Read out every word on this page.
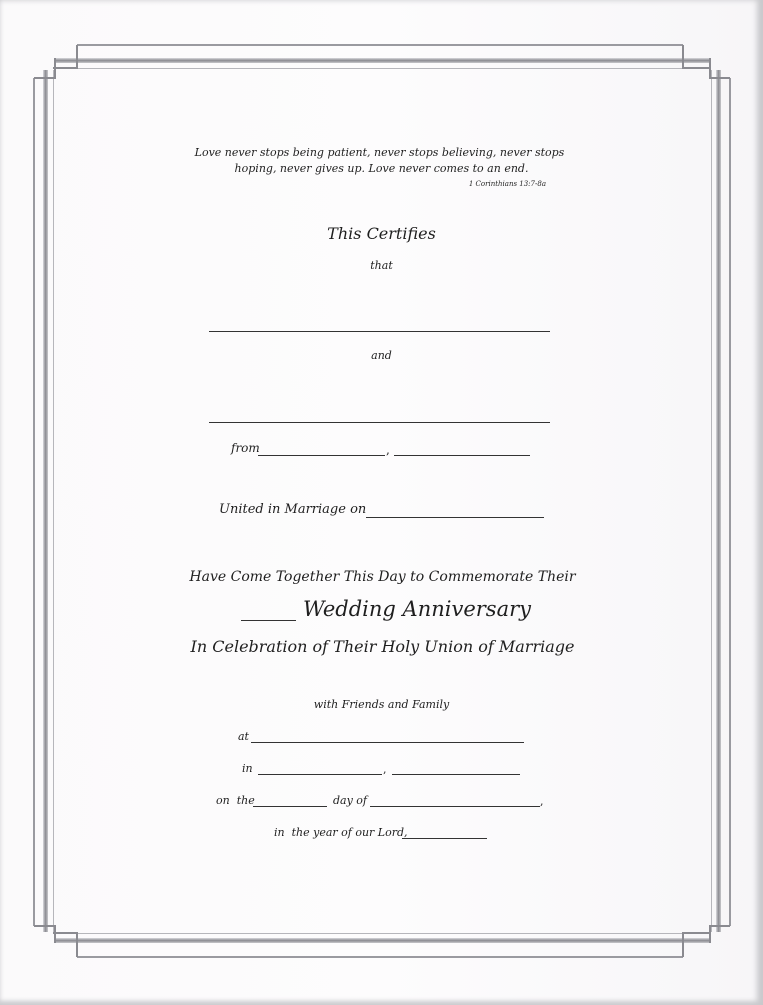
Love never stops being patient, never stops believing, never stops
hoping, never gives up. Love never comes to an end.
1 Corinthians 13:7-8a
This Certifies
that
and
from	,
United in Marriage on
Have Come Together This Day to Commemorate Their
Wedding Anniversary
In Celebration of Their Holy Union of Marriage
with Friends and Family
at
in	,
on  the	day of	,
in  the year of our Lord,
